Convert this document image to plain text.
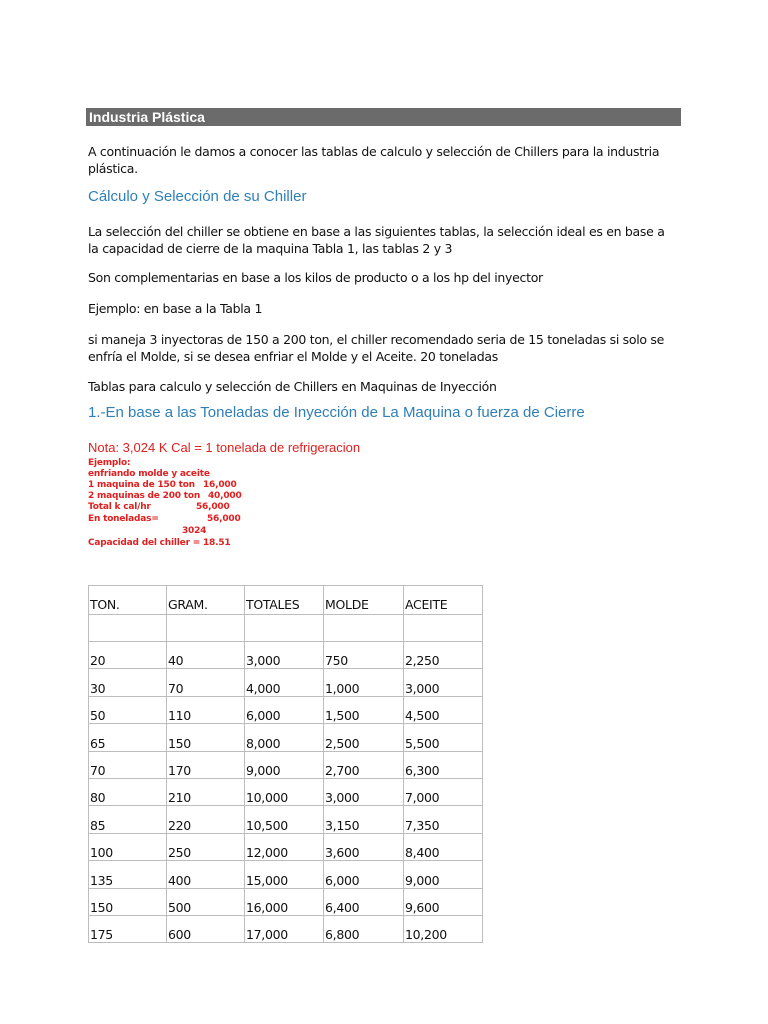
Industria Plástica
A continuación le damos a conocer las tablas de calculo y selección de Chillers para la industria plástica.
Cálculo y Selección de su Chiller
La selección del chiller se obtiene en base a las siguientes tablas, la selección ideal es en base a la capacidad de cierre de la maquina Tabla 1, las tablas 2 y 3
Son complementarias en base a los kilos de producto o a los hp del inyector
Ejemplo: en base a la Tabla 1
si maneja 3 inyectoras de 150 a 200 ton, el chiller recomendado seria de 15 toneladas si solo se enfría el Molde, si se desea enfriar el Molde y el Aceite. 20 toneladas
Tablas para calculo y selección de Chillers en Maquinas de Inyección
1.-En base a las Toneladas de Inyección de La Maquina o fuerza de Cierre
Nota: 3,024 K Cal = 1 tonelada de refrigeracion
Ejemplo:
enfriando molde y aceite
1 maquina de 150 ton 16,000
2 maquinas de 200 ton 40,000
Total k cal/hr	56,000
En toneladas=	56,000
3024
Capacidad del chiller = 18.51
TON.	GRAM.	TOTALES	MOLDE	ACEITE	

20	40	3,000	750	2,250	
30	70	4,000	1,000	3,000	
50	110	6,000	1,500	4,500	
65	150	8,000	2,500	5,500	
70	170	9,000	2,700	6,300	
80	210	10,000	3,000	7,000	
85	220	10,500	3,150	7,350	
100	250	12,000	3,600	8,400	
135	400	15,000	6,000	9,000	
150	500	16,000	6,400	9,600	
175	600	17,000	6,800	10,200	
